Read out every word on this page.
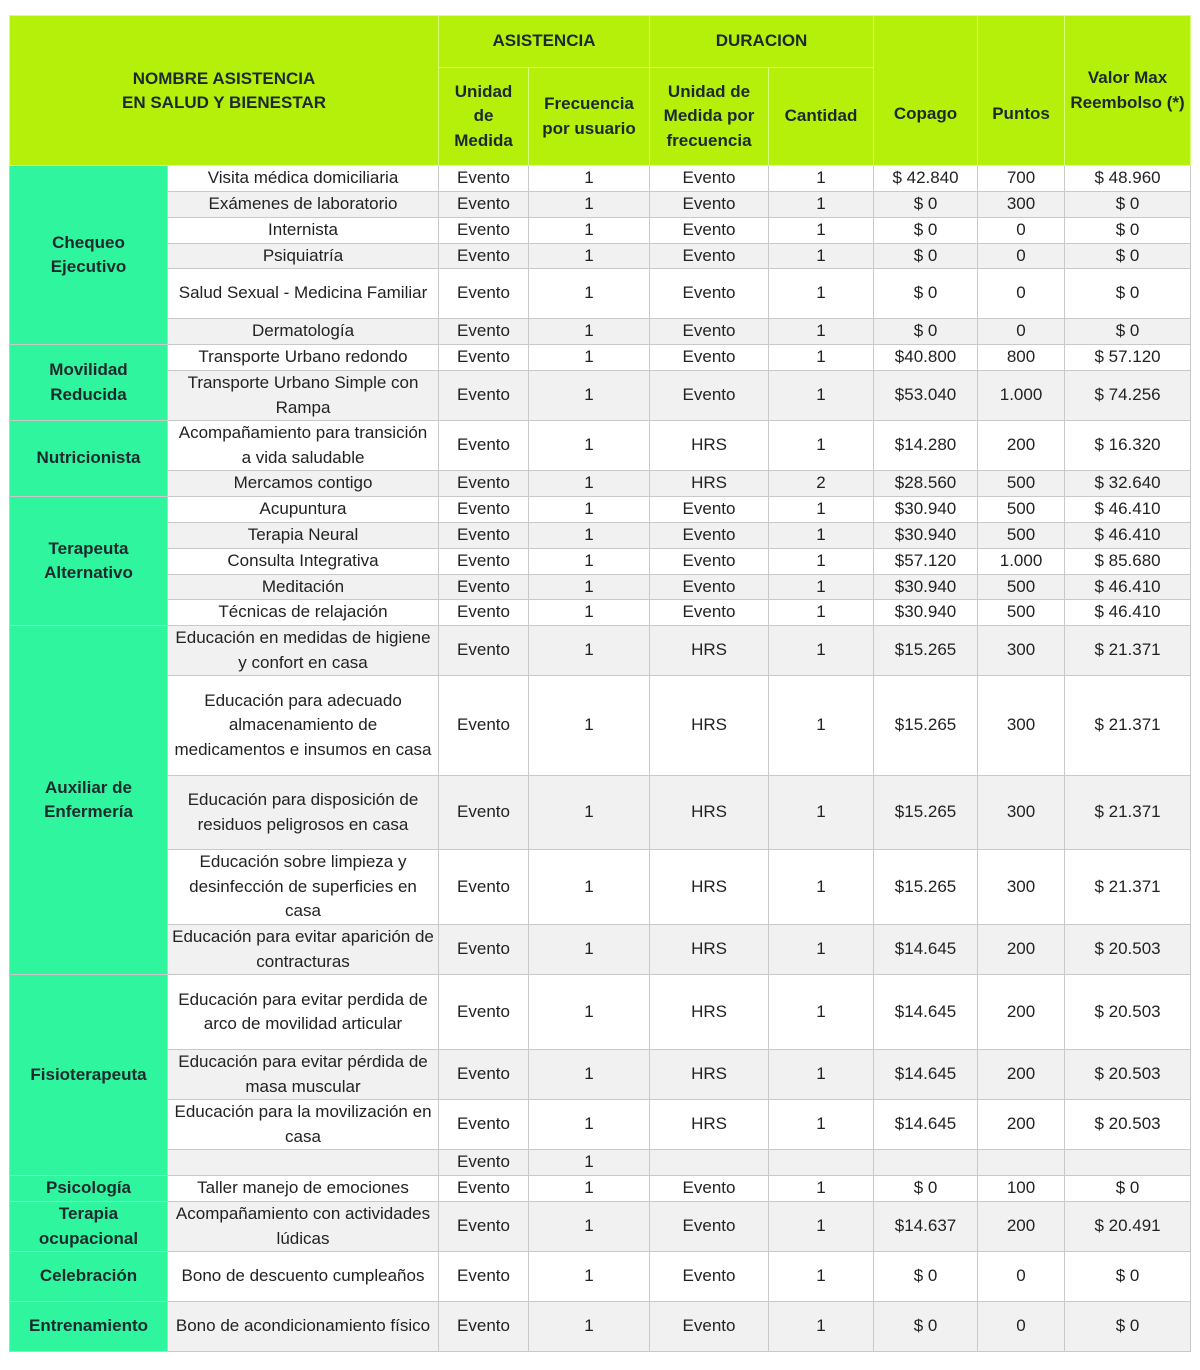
NOMBRE ASISTENCIA
EN SALUD Y BIENESTAR		ASISTENCIA		DURACION		Copago	Puntos	Valor Max Reembolso (*)
		Unidad de Medida	Frecuencia por usuario	Unidad de Medida por frecuencia	Cantidad			
Chequeo Ejecutivo	Visita médica domiciliaria	Evento	1	Evento	1	$ 42.840	700	$ 48.960
	Exámenes de laboratorio	Evento	1	Evento	1	$ 0	300	$ 0
	Internista	Evento	1	Evento	1	$ 0	0	$ 0
	Psiquiatría	Evento	1	Evento	1	$ 0	0	$ 0
	Salud Sexual - Medicina Familiar	Evento	1	Evento	1	$ 0	0	$ 0
	Dermatología	Evento	1	Evento	1	$ 0	0	$ 0
Movilidad Reducida	Transporte Urbano redondo	Evento	1	Evento	1	$40.800	800	$ 57.120
	Transporte Urbano Simple con Rampa	Evento	1	Evento	1	$53.040	1.000	$ 74.256
Nutricionista	Acompañamiento para transición a vida saludable	Evento	1	HRS	1	$14.280	200	$ 16.320
	Mercamos contigo	Evento	1	HRS	2	$28.560	500	$ 32.640
Terapeuta Alternativo	Acupuntura	Evento	1	Evento	1	$30.940	500	$ 46.410
	Terapia Neural	Evento	1	Evento	1	$30.940	500	$ 46.410
	Consulta Integrativa	Evento	1	Evento	1	$57.120	1.000	$ 85.680
	Meditación	Evento	1	Evento	1	$30.940	500	$ 46.410
	Técnicas de relajación	Evento	1	Evento	1	$30.940	500	$ 46.410
Auxiliar de Enfermería	Educación en medidas de higiene y confort en casa	Evento	1	HRS	1	$15.265	300	$ 21.371
	Educación para adecuado almacenamiento de medicamentos e insumos en casa	Evento	1	HRS	1	$15.265	300	$ 21.371
	Educación para disposición de residuos peligrosos en casa	Evento	1	HRS	1	$15.265	300	$ 21.371
	Educación sobre limpieza y desinfección de superficies en casa	Evento	1	HRS	1	$15.265	300	$ 21.371
	Educación para evitar aparición de contracturas	Evento	1	HRS	1	$14.645	200	$ 20.503
Fisioterapeuta	Educación para evitar perdida de arco de movilidad articular	Evento	1	HRS	1	$14.645	200	$ 20.503
	Educación para evitar pérdida de masa muscular	Evento	1	HRS	1	$14.645	200	$ 20.503
	Educación para la movilización en casa	Evento	1	HRS	1	$14.645	200	$ 20.503
		Evento	1					
Psicología	Taller manejo de emociones	Evento	1	Evento	1	$ 0	100	$ 0
Terapia ocupacional	Acompañamiento con actividades lúdicas	Evento	1	Evento	1	$14.637	200	$ 20.491
Celebración	Bono de descuento cumpleaños	Evento	1	Evento	1	$ 0	0	$ 0
Entrenamiento	Bono de acondicionamiento físico	Evento	1	Evento	1	$ 0	0	$ 0
